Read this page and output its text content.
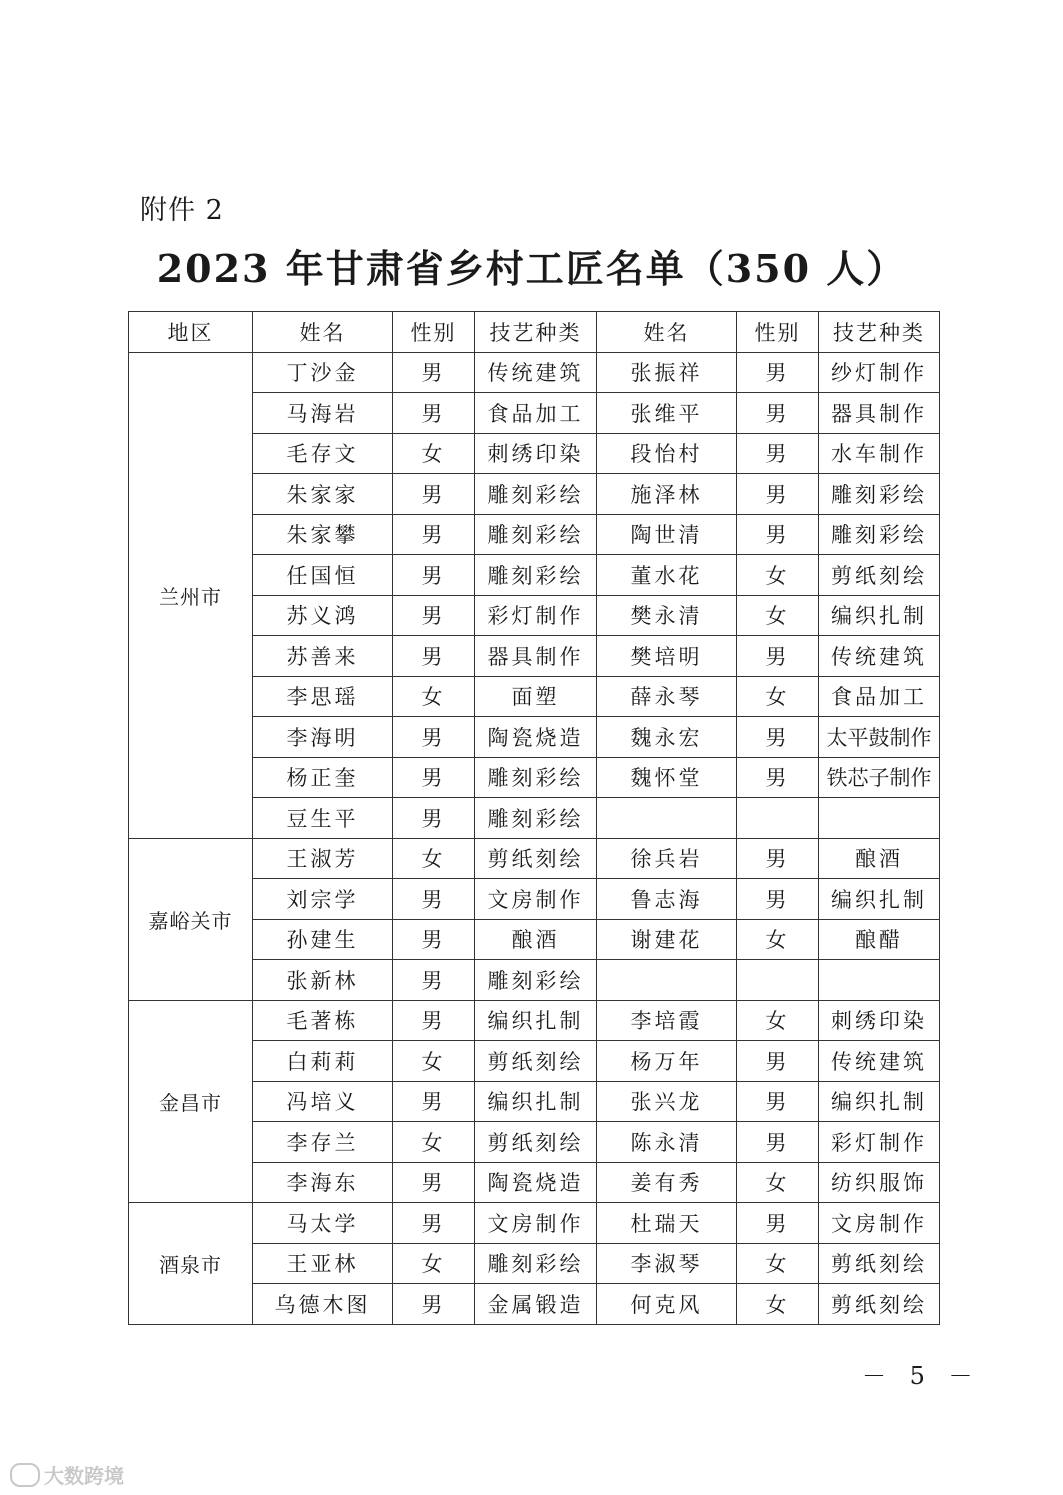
附件 2
2023 年甘肃省乡村工匠名单（350 人）
地区	姓名	性别	技艺种类	姓名	性别	技艺种类
兰州市	丁沙金	男	传统建筑	张振祥	男	纱灯制作
	马海岩	男	食品加工	张维平	男	器具制作
	毛存文	女	刺绣印染	段怡村	男	水车制作
	朱家家	男	雕刻彩绘	施泽林	男	雕刻彩绘
	朱家攀	男	雕刻彩绘	陶世清	男	雕刻彩绘
	任国恒	男	雕刻彩绘	董水花	女	剪纸刻绘
	苏义鸿	男	彩灯制作	樊永清	女	编织扎制
	苏善来	男	器具制作	樊培明	男	传统建筑
	李思瑶	女	面塑	薛永琴	女	食品加工
	李海明	男	陶瓷烧造	魏永宏	男	太平鼓制作
	杨正奎	男	雕刻彩绘	魏怀堂	男	铁芯子制作
	豆生平	男	雕刻彩绘			
嘉峪关市	王淑芳	女	剪纸刻绘	徐兵岩	男	酿酒
	刘宗学	男	文房制作	鲁志海	男	编织扎制
	孙建生	男	酿酒	谢建花	女	酿醋
	张新林	男	雕刻彩绘			
金昌市	毛著栋	男	编织扎制	李培霞	女	刺绣印染
	白莉莉	女	剪纸刻绘	杨万年	男	传统建筑
	冯培义	男	编织扎制	张兴龙	男	编织扎制
	李存兰	女	剪纸刻绘	陈永清	男	彩灯制作
	李海东	男	陶瓷烧造	姜有秀	女	纺织服饰
酒泉市	马太学	男	文房制作	杜瑞天	男	文房制作
	王亚林	女	雕刻彩绘	李淑琴	女	剪纸刻绘
	乌德木图	男	金属锻造	何克风	女	剪纸刻绘
－ 5 －
大数跨境
